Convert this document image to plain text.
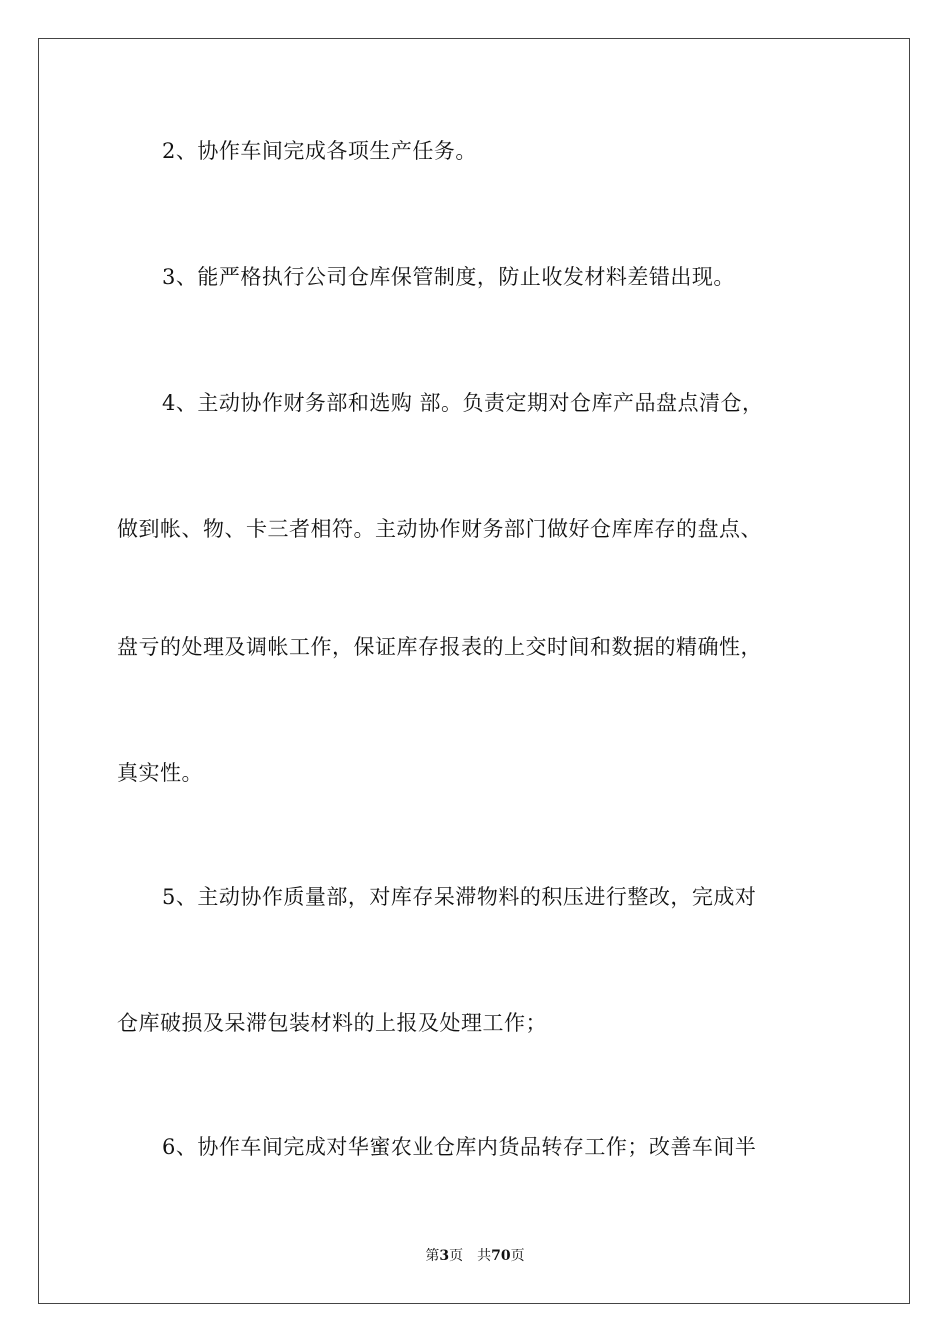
2、协作车间完成各项生产任务。
3、能严格执行公司仓库保管制度，防止收发材料差错出现。
4、主动协作财务部和选购 部。负责定期对仓库产品盘点清仓，
做到帐、物、卡三者相符。主动协作财务部门做好仓库库存的盘点、
盘亏的处理及调帐工作，保证库存报表的上交时间和数据的精确性，
真实性。
5、主动协作质量部，对库存呆滞物料的积压进行整改，完成对
仓库破损及呆滞包装材料的上报及处理工作；
6、协作车间完成对华蜜农业仓库内货品转存工作；改善车间半
第3页 共70页
